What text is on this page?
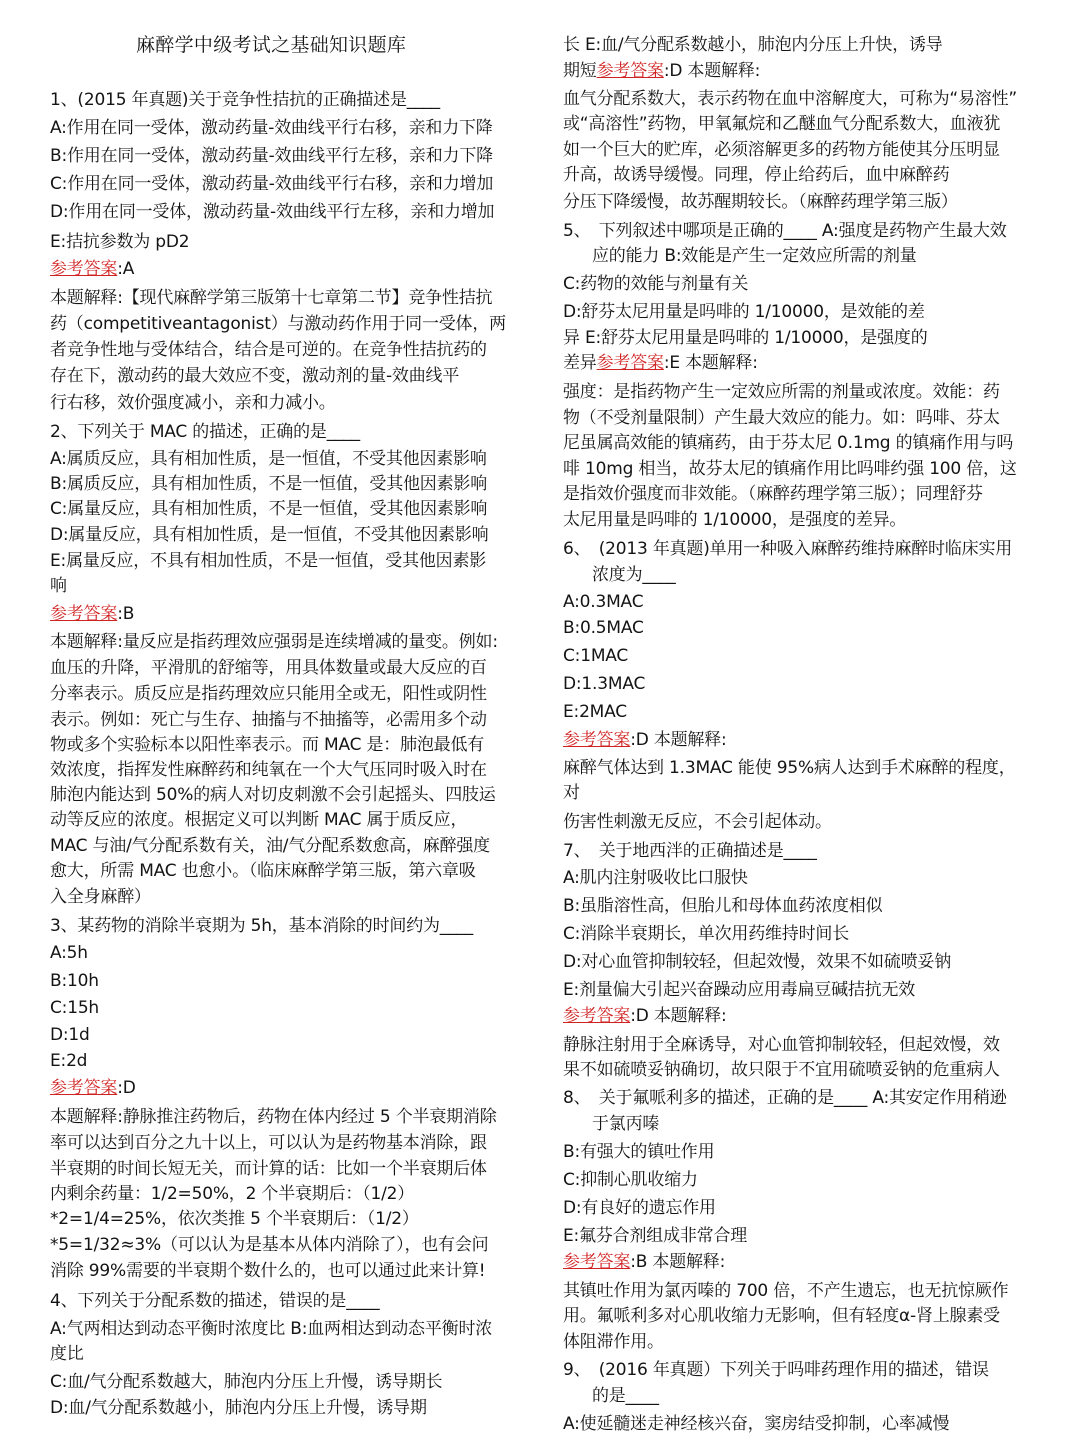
麻醉学中级考试之基础知识题库
1、(2015 年真题)关于竞争性拮抗的正确描述是____
A:作用在同一受体，激动药量-效曲线平行右移，亲和力下降
B:作用在同一受体，激动药量-效曲线平行左移，亲和力下降
C:作用在同一受体，激动药量-效曲线平行右移，亲和力增加
D:作用在同一受体，激动药量-效曲线平行左移，亲和力增加
E:拮抗参数为 pD2
参考答案:A
本题解释:【现代麻醉学第三版第十七章第二节】竞争性拮抗
药（competitiveantagonist）与激动药作用于同一受体，两
者竞争性地与受体结合，结合是可逆的。在竞争性拮抗药的
存在下，激动药的最大效应不变，激动剂的量-效曲线平
行右移，效价强度减小，亲和力减小。
2、下列关于 MAC 的描述，正确的是____
A:属质反应，具有相加性质，是一恒值，不受其他因素影响
B:属质反应，具有相加性质，不是一恒值，受其他因素影响
C:属量反应，具有相加性质，不是一恒值，受其他因素影响
D:属量反应，具有相加性质，是一恒值，不受其他因素影响
E:属量反应，不具有相加性质，不是一恒值，受其他因素影
响
参考答案:B
本题解释:量反应是指药理效应强弱是连续增减的量变。例如:
血压的升降，平滑肌的舒缩等，用具体数量或最大反应的百
分率表示。质反应是指药理效应只能用全或无，阳性或阴性
表示。例如：死亡与生存、抽搐与不抽搐等，必需用多个动
物或多个实验标本以阳性率表示。而 MAC 是：肺泡最低有
效浓度，指挥发性麻醉药和纯氧在一个大气压同时吸入时在
肺泡内能达到 50%的病人对切皮刺激不会引起摇头、四肢运
动等反应的浓度。根据定义可以判断 MAC 属于质反应，
MAC 与油/气分配系数有关，油/气分配系数愈高，麻醉强度
愈大，所需 MAC 也愈小。（临床麻醉学第三版，第六章吸
入全身麻醉）
3、某药物的消除半衰期为 5h，基本消除的时间约为____
A:5h
B:10h
C:15h
D:1d
E:2d
参考答案:D
本题解释:静脉推注药物后，药物在体内经过 5 个半衰期消除
率可以达到百分之九十以上，可以认为是药物基本消除，跟
半衰期的时间长短无关，而计算的话：比如一个半衰期后体
内剩余药量：1/2=50%，2 个半衰期后：（1/2）
*2=1/4=25%，依次类推 5 个半衰期后：（1/2）
*5=1/32≈3%（可以认为是基本从体内消除了），也有会问
消除 99%需要的半衰期个数什么的，也可以通过此来计算!
4、下列关于分配系数的描述，错误的是____
A:气两相达到动态平衡时浓度比 B:血两相达到动态平衡时浓
度比
C:血/气分配系数越大，肺泡内分压上升慢，诱导期长
D:血/气分配系数越小，肺泡内分压上升慢，诱导期
长 E:血/气分配系数越小，肺泡内分压上升快，诱导
期短参考答案:D 本题解释:
血气分配系数大，表示药物在血中溶解度大，可称为“易溶性”
或“高溶性”药物，甲氧氟烷和乙醚血气分配系数大，血液犹
如一个巨大的贮库，必须溶解更多的药物方能使其分压明显
升高，故诱导缓慢。同理，停止给药后，血中麻醉药
分压下降缓慢，故苏醒期较长。（麻醉药理学第三版）
5、　下列叙述中哪项是正确的____ A:强度是药物产生最大效
应的能力 B:效能是产生一定效应所需的剂量
C:药物的效能与剂量有关
D:舒芬太尼用量是吗啡的 1/10000，是效能的差
异 E:舒芬太尼用量是吗啡的 1/10000，是强度的
差异参考答案:E 本题解释:
强度：是指药物产生一定效应所需的剂量或浓度。效能：药
物（不受剂量限制）产生最大效应的能力。如：吗啡、芬太
尼虽属高效能的镇痛药，由于芬太尼 0.1mg 的镇痛作用与吗
啡 10mg 相当，故芬太尼的镇痛作用比吗啡约强 100 倍，这
是指效价强度而非效能。（麻醉药理学第三版）；同理舒芬
太尼用量是吗啡的 1/10000，是强度的差异。
6、　(2013 年真题)单用一种吸入麻醉药维持麻醉时临床实用
浓度为____
A:0.3MAC
B:0.5MAC
C:1MAC
D:1.3MAC
E:2MAC
参考答案:D 本题解释:
麻醉气体达到 1.3MAC 能使 95%病人达到手术麻醉的程度，
对
伤害性刺激无反应，不会引起体动。
7、　关于地西泮的正确描述是____
A:肌内注射吸收比口服快
B:虽脂溶性高，但胎儿和母体血药浓度相似
C:消除半衰期长，单次用药维持时间长
D:对心血管抑制较轻，但起效慢，效果不如硫喷妥钠
E:剂量偏大引起兴奋躁动应用毒扁豆碱拮抗无效
参考答案:D 本题解释:
静脉注射用于全麻诱导，对心血管抑制较轻，但起效慢，效
果不如硫喷妥钠确切，故只限于不宜用硫喷妥钠的危重病人
8、　关于氟哌利多的描述，正确的是____ A:其安定作用稍逊
于氯丙嗪
B:有强大的镇吐作用
C:抑制心肌收缩力
D:有良好的遗忘作用
E:氟芬合剂组成非常合理
参考答案:B 本题解释:
其镇吐作用为氯丙嗪的 700 倍，不产生遗忘，也无抗惊厥作
用。氟哌利多对心肌收缩力无影响，但有轻度α-肾上腺素受
体阻滞作用。
9、　(2016 年真题）下列关于吗啡药理作用的描述，错误
的是____
A:使延髓迷走神经核兴奋，窦房结受抑制，心率减慢
